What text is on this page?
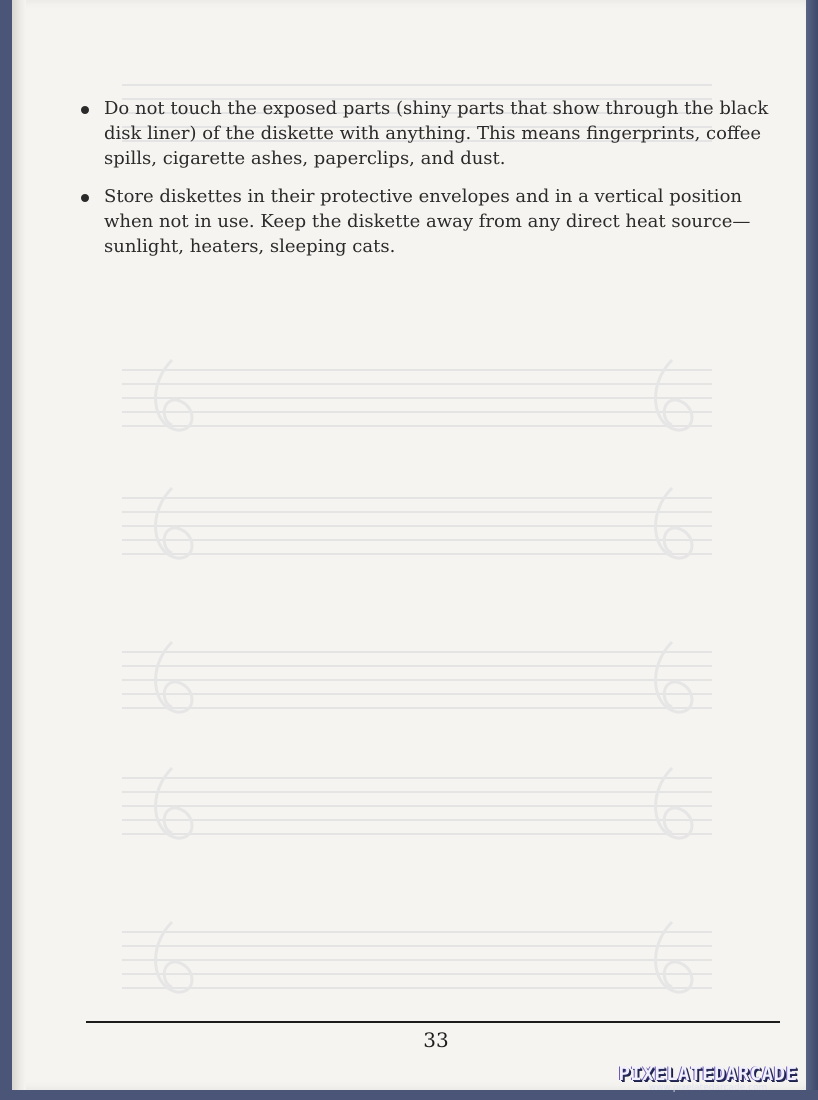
Do not touch the exposed parts (shiny parts that show through the black disk liner) of the diskette with anything. This means fingerprints, coffee spills, cigarette ashes, paperclips, and dust.
Store diskettes in their protective envelopes and in a vertical position when not in use. Keep the diskette away from any direct heat source—sunlight, heaters, sleeping cats.
33
PIXELATEDARCADE
www.pixelatedarcade.com
